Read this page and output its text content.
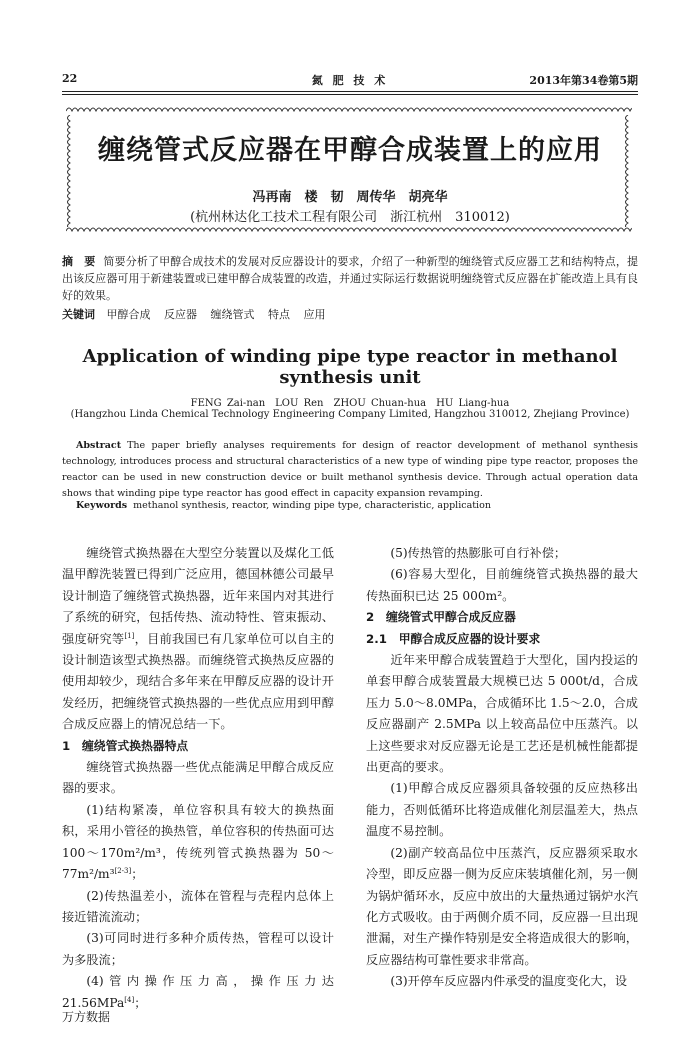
22	氮 肥 技 术	2013年第34卷第5期
缠绕管式反应器在甲醇合成装置上的应用
冯再南　楼　韧　周传华　胡亮华
(杭州林达化工技术工程有限公司　浙江杭州　310012)
摘　要 简要分析了甲醇合成技术的发展对反应器设计的要求，介绍了一种新型的缠绕管式反应器工艺和结构特点，提出该反应器可用于新建装置或已建甲醇合成装置的改造，并通过实际运行数据说明缠绕管式反应器在扩能改造上具有良好的效果。
关键词 甲醇合成 反应器 缠绕管式 特点 应用
Application of winding pipe type reactor in methanol synthesis unit
FENG Zai-nan　LOU Ren　ZHOU Chuan-hua　HU Liang-hua
(Hangzhou Linda Chemical Technology Engineering Company Limited, Hangzhou 310012, Zhejiang Province)
Abstract The paper briefly analyses requirements for design of reactor development of methanol synthesis technology, introduces process and structural characteristics of a new type of winding pipe type reactor, proposes the reactor can be used in new construction device or built methanol synthesis device. Through actual operation data shows that winding pipe type reactor has good effect in capacity expansion revamping.
Keywords methanol synthesis, reactor, winding pipe type, characteristic, application

缠绕管式换热器在大型空分装置以及煤化工低温甲醇洗装置已得到广泛应用，德国林德公司最早设计制造了缠绕管式换热器，近年来国内对其进行了系统的研究，包括传热、流动特性、管束振动、强度研究等[1]，目前我国已有几家单位可以自主的设计制造该型式换热器。而缠绕管式换热反应器的使用却较少，现结合多年来在甲醇反应器的设计开发经历，把缠绕管式换热器的一些优点应用到甲醇合成反应器上的情况总结一下。

1　缠绕管式换热器特点

缠绕管式换热器一些优点能满足甲醇合成反应器的要求。

(1)结构紧凑，单位容积具有较大的换热面积，采用小管径的换热管，单位容积的传热面可达 100～170m²/m³，传统列管式换热器为 50～77m²/m³[2-3]；

(2)传热温差小，流体在管程与壳程内总体上接近错流流动；

(3)可同时进行多种介质传热，管程可以设计为多股流；

(4)管内操作压力高，操作压力达 21.56MPa[4]；

(5)传热管的热膨胀可自行补偿；

(6)容易大型化，目前缠绕管式换热器的最大传热面积已达 25 000m²。

2　缠绕管式甲醇合成反应器

2.1　甲醇合成反应器的设计要求

近年来甲醇合成装置趋于大型化，国内投运的单套甲醇合成装置最大规模已达 5 000t/d，合成压力 5.0～8.0MPa，合成循环比 1.5～2.0，合成反应器副产 2.5MPa 以上较高品位中压蒸汽。以上这些要求对反应器无论是工艺还是机械性能都提出更高的要求。

(1)甲醇合成反应器须具备较强的反应热移出能力，否则低循环比将造成催化剂层温差大，热点温度不易控制。

(2)副产较高品位中压蒸汽，反应器须采取水冷型，即反应器一侧为反应床装填催化剂，另一侧为锅炉循环水，反应中放出的大量热通过锅炉水汽化方式吸收。由于两侧介质不同，反应器一旦出现泄漏，对生产操作特别是安全将造成很大的影响，反应器结构可靠性要求非常高。

(3)开停车反应器内件承受的温度变化大，设

万方数据
